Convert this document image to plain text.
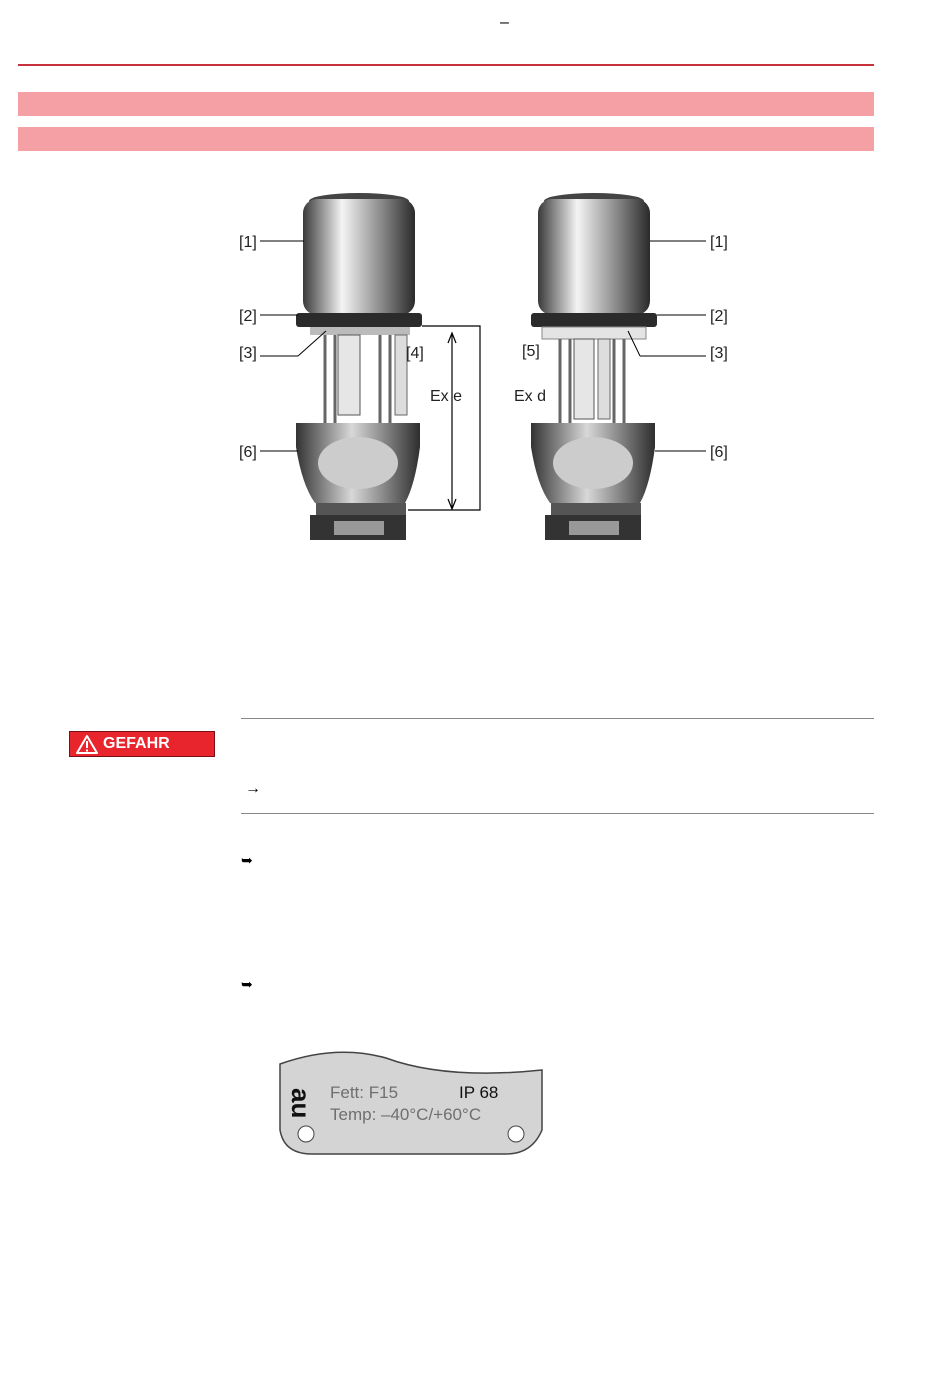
–
[1]
[2]
[3]
[6]
[4]
Ex e
[1]
[2]
[3]
[6]
[5]
Ex d
GEFAHR
→
➥
➥
au Fett: F15	IP 68
Temp: –40°C/+60°C
